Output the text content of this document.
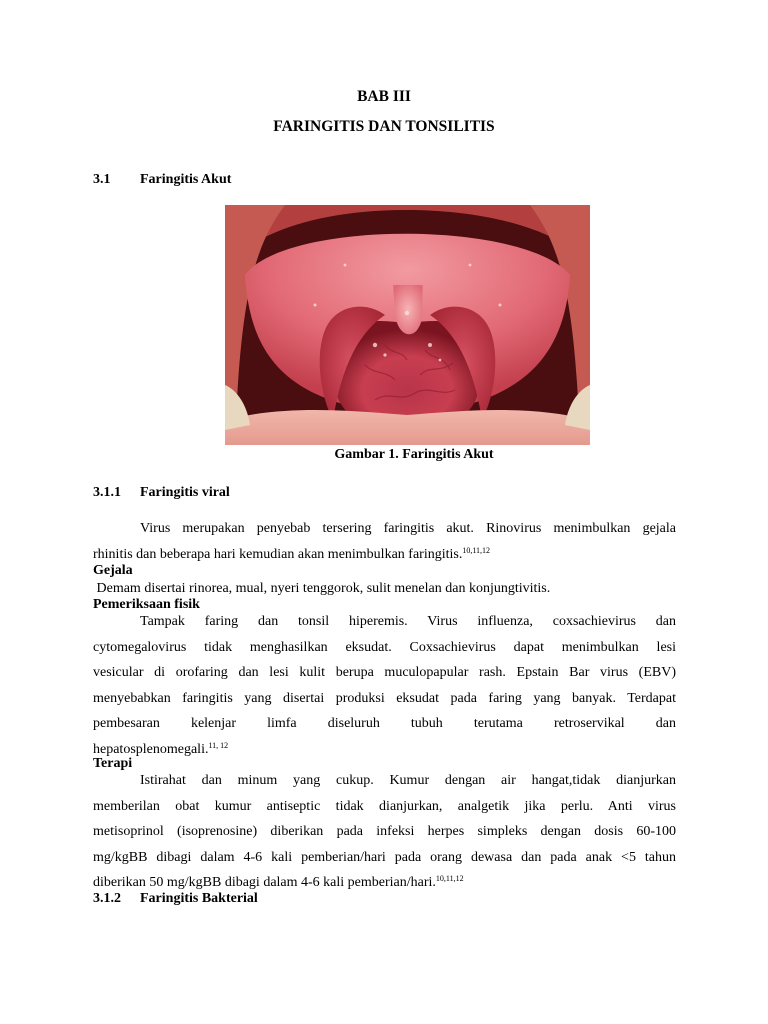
BAB III
FARINGITIS DAN TONSILITIS
3.1 Faringitis Akut
Gambar 1. Faringitis Akut
3.1.1 Faringitis viral
Virus merupakan penyebab tersering faringitis akut. Rinovirus menimbulkan gejala
rhinitis dan beberapa hari kemudian akan menimbulkan faringitis.$^{10,11,12}$
Gejala
Demam disertai rinorea, mual, nyeri tenggorok, sulit menelan dan konjungtivitis.
Pemeriksaan fisik
Tampak faring dan tonsil hiperemis. Virus influenza, coxsachievirus dan
cytomegalovirus tidak menghasilkan eksudat. Coxsachievirus dapat menimbulkan lesi
vesicular di orofaring dan lesi kulit berupa muculopapular rash. Epstain Bar virus (EBV)
menyebabkan faringitis yang disertai produksi eksudat pada faring yang banyak. Terdapat
pembesaran kelenjar limfa diseluruh tubuh terutama retroservikal dan
hepatosplenomegali.$^{11, 12}$
Terapi
Istirahat dan minum yang cukup. Kumur dengan air hangat,tidak dianjurkan
memberilan obat kumur antiseptic tidak dianjurkan, analgetik jika perlu. Anti virus
metisoprinol (isoprenosine) diberikan pada infeksi herpes simpleks dengan dosis 60-100
mg/kgBB dibagi dalam 4-6 kali pemberian/hari pada orang dewasa dan pada anak <5 tahun
diberikan 50 mg/kgBB dibagi dalam 4-6 kali pemberian/hari.$^{10,11,12}$
3.1.2 Faringitis Bakterial
